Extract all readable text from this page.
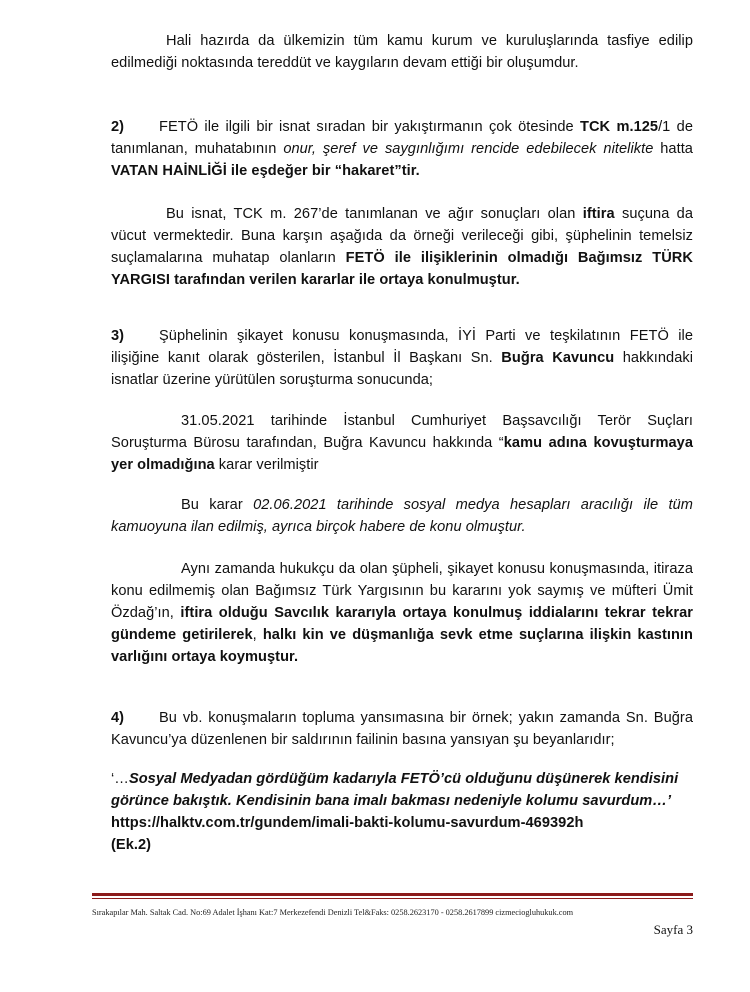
Hali hazırda da ülkemizin tüm kamu kurum ve kuruluşlarında tasfiye edilip edilmediği noktasında tereddüt ve kaygıların devam ettiği bir oluşumdur.
2) FETÖ ile ilgili bir isnat sıradan bir yakıştırmanın çok ötesinde TCK m.125/1 de tanımlanan, muhatabının onur, şeref ve saygınlığımı rencide edebilecek nitelikte hatta VATAN HAİNLİĞİ ile eşdeğer bir “hakaret”tir.
Bu isnat, TCK m. 267’de tanımlanan ve ağır sonuçları olan iftira suçuna da vücut vermektedir. Buna karşın aşağıda da örneği verileceği gibi, şüphelinin temelsiz suçlamalarına muhatap olanların FETÖ ile ilişiklerinin olmadığı Bağımsız TÜRK YARGISI tarafından verilen kararlar ile ortaya konulmuştur.
3) Şüphelinin şikayet konusu konuşmasında, İYİ Parti ve teşkilatının FETÖ ile ilişiğine kanıt olarak gösterilen, İstanbul İl Başkanı Sn. Buğra Kavuncu hakkındaki isnatlar üzerine yürütülen soruşturma sonucunda;
31.05.2021 tarihinde İstanbul Cumhuriyet Başsavcılığı Terör Suçları Soruşturma Bürosu tarafından, Buğra Kavuncu hakkında “kamu adına kovuşturmaya yer olmadığına karar verilmiştir
Bu karar 02.06.2021 tarihinde sosyal medya hesapları aracılığı ile tüm kamuoyuna ilan edilmiş, ayrıca birçok habere de konu olmuştur.
Aynı zamanda hukukçu da olan şüpheli, şikayet konusu konuşmasında, itiraza konu edilmemiş olan Bağımsız Türk Yargısının bu kararını yok saymış ve müfteri Ümit Özdağ’ın, iftira olduğu Savcılık kararıyla ortaya konulmuş iddialarını tekrar tekrar gündeme getirilerek, halkı kin ve düşmanlığa sevk etme suçlarına ilişkin kastının varlığını ortaya koymuştur.
4) Bu vb. konuşmaların topluma yansımasına bir örnek; yakın zamanda Sn. Buğra Kavuncu’ya düzenlenen bir saldırının failinin basına yansıyan şu beyanlarıdır;
‘…Sosyal Medyadan gördüğüm kadarıyla FETÖ’cü olduğunu düşünerek kendisini görünce bakıştık. Kendisinin bana imalı bakması nedeniyle kolumu savurdum…’
https://halktv.com.tr/gundem/imali-bakti-kolumu-savurdum-469392h
(Ek.2)
Sırakapılar Mah. Saltak Cad. No:69 Adalet İşhanı Kat:7 Merkezefendi Denizli Tel&Faks: 0258.2623170 - 0258.2617899 cizmecioglu​hukuk.com
Sayfa 3
